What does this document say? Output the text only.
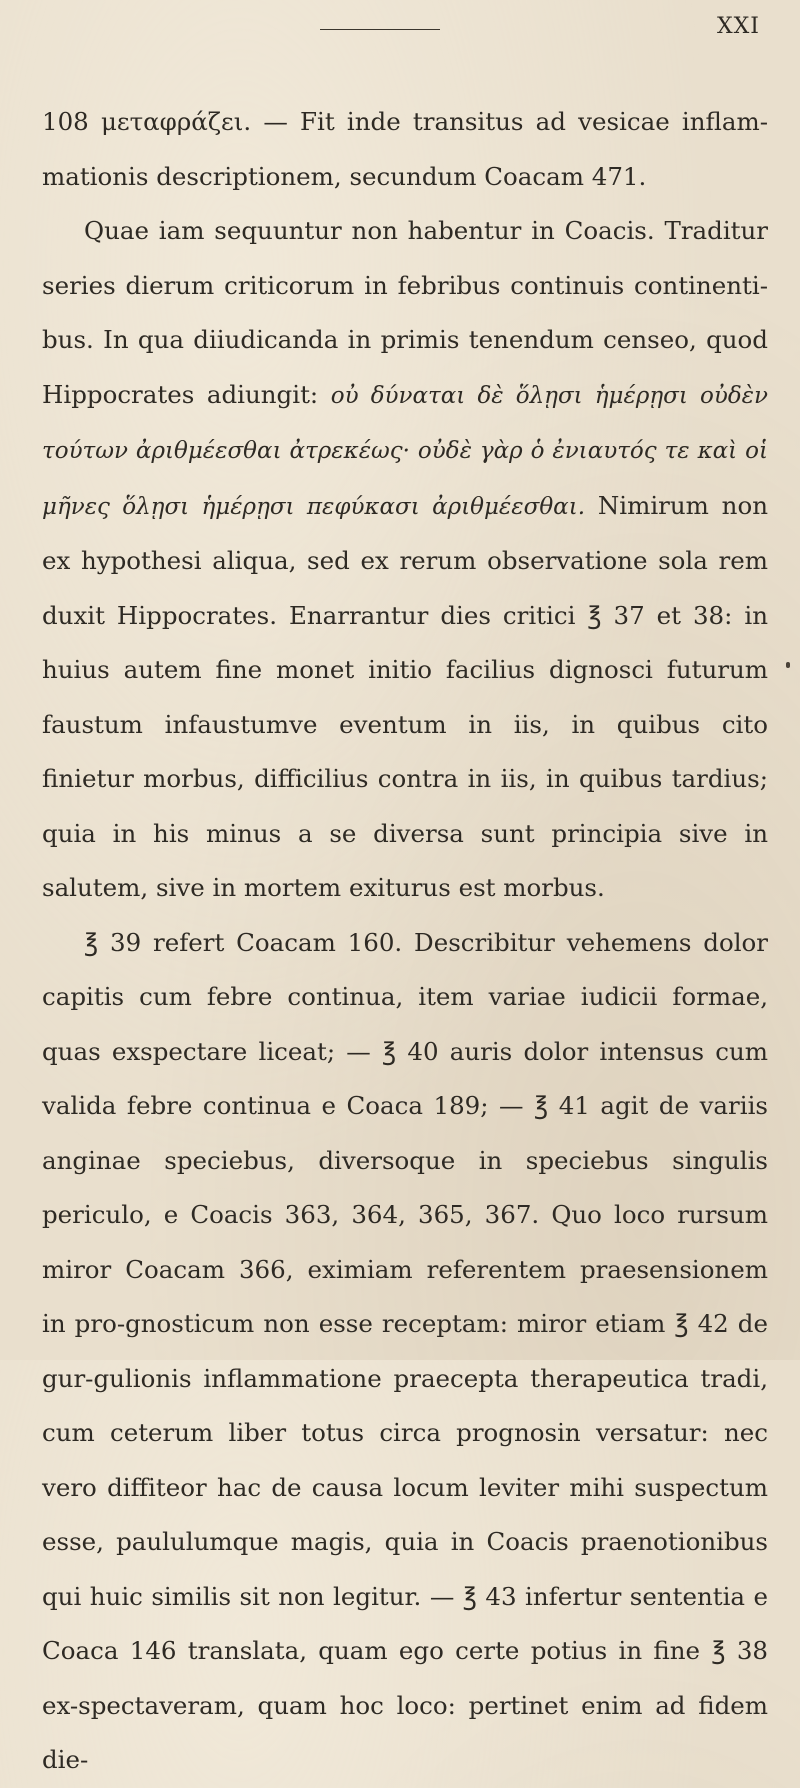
XXI

108 μεταφράζει. — Fit inde transitus ad vesicae inflam-mationis descriptionem, secundum Coacam 471.

Quae iam sequuntur non habentur in Coacis. Traditur series dierum criticorum in febribus continuis continenti-bus. In qua diiudicanda in primis tenendum censeo, quod Hippocrates adiungit: οὐ δύναται δὲ ὅλῃσι ἡμέρῃσι οὐδὲν τούτων ἀριθμέεσθαι ἀτρεκέως· οὐδὲ γὰρ ὁ ἐνιαυτός τε καὶ οἱ μῆνες ὅλῃσι ἡμέρῃσι πεφύκασι ἀριθμέεσθαι. Nimirum non ex hypothesi aliqua, sed ex rerum observatione sola rem duxit Hippocrates. Enarrantur dies critici ℥ 37 et 38: in huius autem fine monet initio facilius dignosci futurum faustum infaustumve eventum in iis, in quibus cito finietur morbus, difficilius contra in iis, in quibus tardius; quia in his minus a se diversa sunt principia sive in salutem, sive in mortem exiturus est morbus.

℥ 39 refert Coacam 160. Describitur vehemens dolor capitis cum febre continua, item variae iudicii formae, quas exspectare liceat; — ℥ 40 auris dolor intensus cum valida febre continua e Coaca 189; — ℥ 41 agit de variis anginae speciebus, diversoque in speciebus singulis periculo, e Coacis 363, 364, 365, 367. Quo loco rursum miror Coacam 366, eximiam referentem praesensionem in pro-gnosticum non esse receptam: miror etiam ℥ 42 de gur-gulionis inflammatione praecepta therapeutica tradi, cum ceterum liber totus circa prognosin versatur: nec vero diffiteor hac de causa locum leviter mihi suspectum esse, paululumque magis, quia in Coacis praenotionibus qui huic similis sit non legitur. — ℥ 43 infertur sententia e Coaca 146 translata, quam ego certe potius in fine ℥ 38 ex-spectaveram, quam hoc loco: pertinet enim ad fidem die-
